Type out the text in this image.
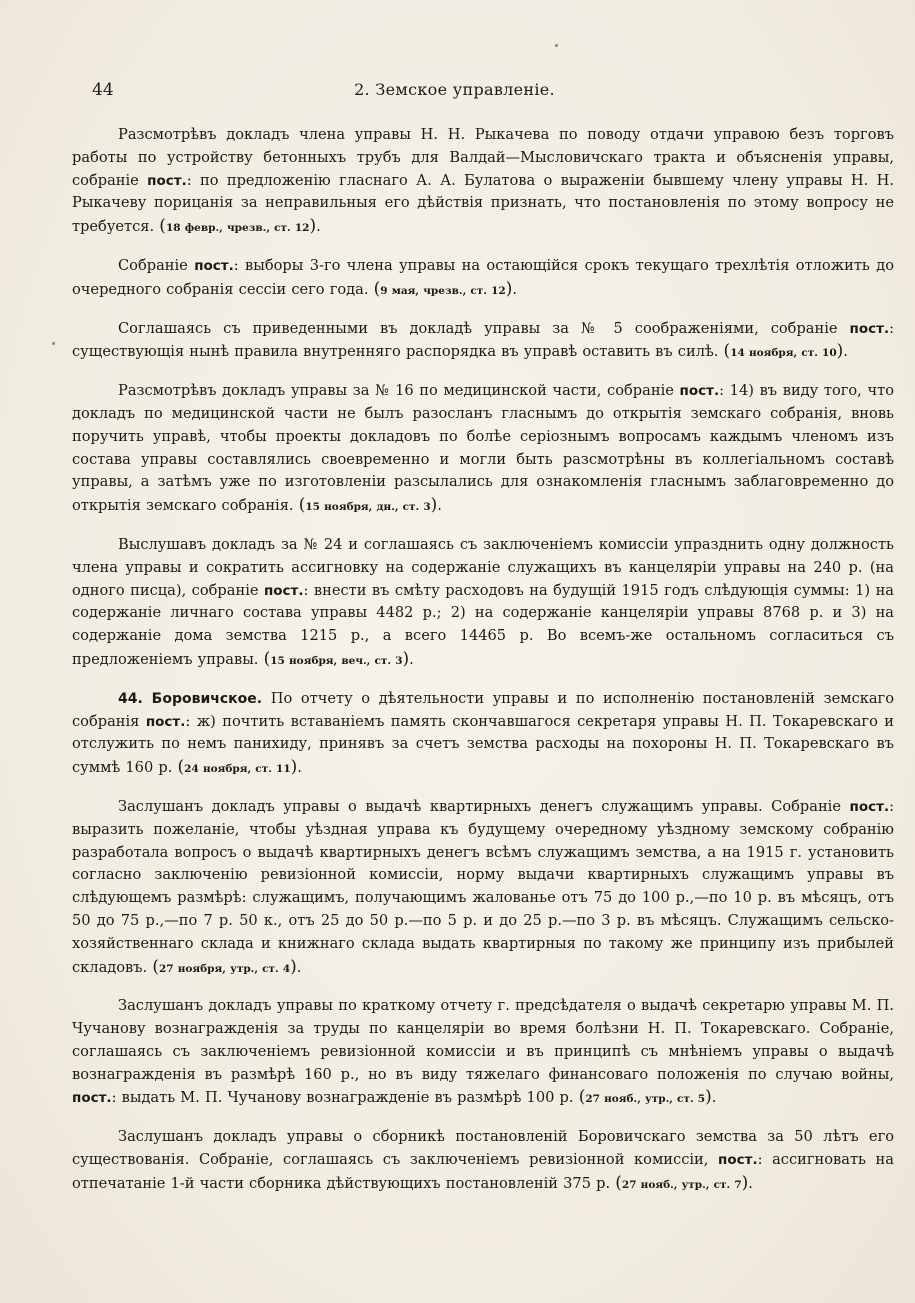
44	2. Земское управленіе.

Разсмотрѣвъ докладъ члена управы Н. Н. Рыкачева по поводу отдачи управою безъ торговъ работы по устройству бетонныхъ трубъ для Валдай—Мысловичскаго тракта и объясненія управы, собраніе пост.: по предложенію гласнаго А. А. Булатова о выраженіи бывшему члену управы Н. Н. Рыкачеву порицанія за неправильныя его дѣйствія признать, что постановленія по этому вопросу не требуется. (18 февр., чрезв., ст. 12).

Собраніе пост.: выборы 3-го члена управы на остающійся срокъ текущаго трехлѣтія отложить до очередного собранія сессіи сего года. (9 мая, чрезв., ст. 12).

Соглашаясь съ приведенными въ докладѣ управы за № 5 соображеніями, собраніе пост.: существующія нынѣ правила внутренняго распорядка въ управѣ оставить въ силѣ. (14 ноября, ст. 10).

Разсмотрѣвъ докладъ управы за № 16 по медицинской части, собраніе пост.: 14) въ виду того, что докладъ по медицинской части не былъ разосланъ гласнымъ до открытія земскаго собранія, вновь поручить управѣ, чтобы проекты докладовъ по болѣе серіознымъ вопросамъ каждымъ членомъ изъ состава управы составлялись своевременно и могли быть разсмотрѣны въ коллегіальномъ составѣ управы, а затѣмъ уже по изготовленіи разсылались для ознакомленія гласнымъ заблаговременно до открытія земскаго собранія. (15 ноября, дн., ст. 3).

Выслушавъ докладъ за № 24 и соглашаясь съ заключеніемъ комиссіи упразднить одну должность члена управы и сократить ассигновку на содержаніе служащихъ въ канцеляріи управы на 240 р. (на одного писца), собраніе пост.: внести въ смѣту расходовъ на будущій 1915 годъ слѣдующія суммы: 1) на содержаніе личнаго состава управы 4482 р.; 2) на содержаніе канцеляріи управы 8768 р. и 3) на содержаніе дома земства 1215 р., а всего 14465 р. Во всемъ-же остальномъ согласиться съ предложеніемъ управы. (15 ноября, веч., ст. 3).

44. Боровичское. По отчету о дѣятельности управы и по исполненію постановленій земскаго собранія пост.: ж) почтить вставаніемъ память скончавшагося секретаря управы Н. П. Токаревскаго и отслужить по немъ панихиду, принявъ за счетъ земства расходы на похороны Н. П. Токаревскаго въ суммѣ 160 р. (24 ноября, ст. 11).

Заслушанъ докладъ управы о выдачѣ квартирныхъ денегъ служащимъ управы. Собраніе пост.: выразить пожеланіе, чтобы уѣздная управа къ будущему очередному уѣздному земскому собранію разработала вопросъ о выдачѣ квартирныхъ денегъ всѣмъ служащимъ земства, а на 1915 г. установить согласно заключенію ревизіонной комиссіи, норму выдачи квартирныхъ служащимъ управы въ слѣдующемъ размѣрѣ: служащимъ, получающимъ жалованье отъ 75 до 100 р.,—по 10 р. въ мѣсяцъ, отъ 50 до 75 р.,—по 7 р. 50 к., отъ 25 до 50 р.—по 5 р. и до 25 р.—по 3 р. въ мѣсяцъ. Служащимъ сельско-хозяйственнаго склада и книжнаго склада выдать квартирныя по такому же принципу изъ прибылей складовъ. (27 ноября, утр., ст. 4).

Заслушанъ докладъ управы по краткому отчету г. предсѣдателя о выдачѣ секретарю управы М. П. Чучанову вознагражденія за труды по канцеляріи во время болѣзни Н. П. Токаревскаго. Собраніе, соглашаясь съ заключеніемъ ревизіонной комиссіи и въ принципѣ съ мнѣніемъ управы о выдачѣ вознагражденія въ размѣрѣ 160 р., но въ виду тяжелаго финансоваго положенія по случаю войны, пост.: выдать М. П. Чучанову вознагражденіе въ размѣрѣ 100 р. (27 нояб., утр., ст. 5).

Заслушанъ докладъ управы о сборникѣ постановленій Боровичскаго земства за 50 лѣтъ его существованія. Собраніе, соглашаясь съ заключеніемъ ревизіонной комиссіи, пост.: ассигновать на отпечатаніе 1-й части сборника дѣйствующихъ постановленій 375 р. (27 нояб., утр., ст. 7).
